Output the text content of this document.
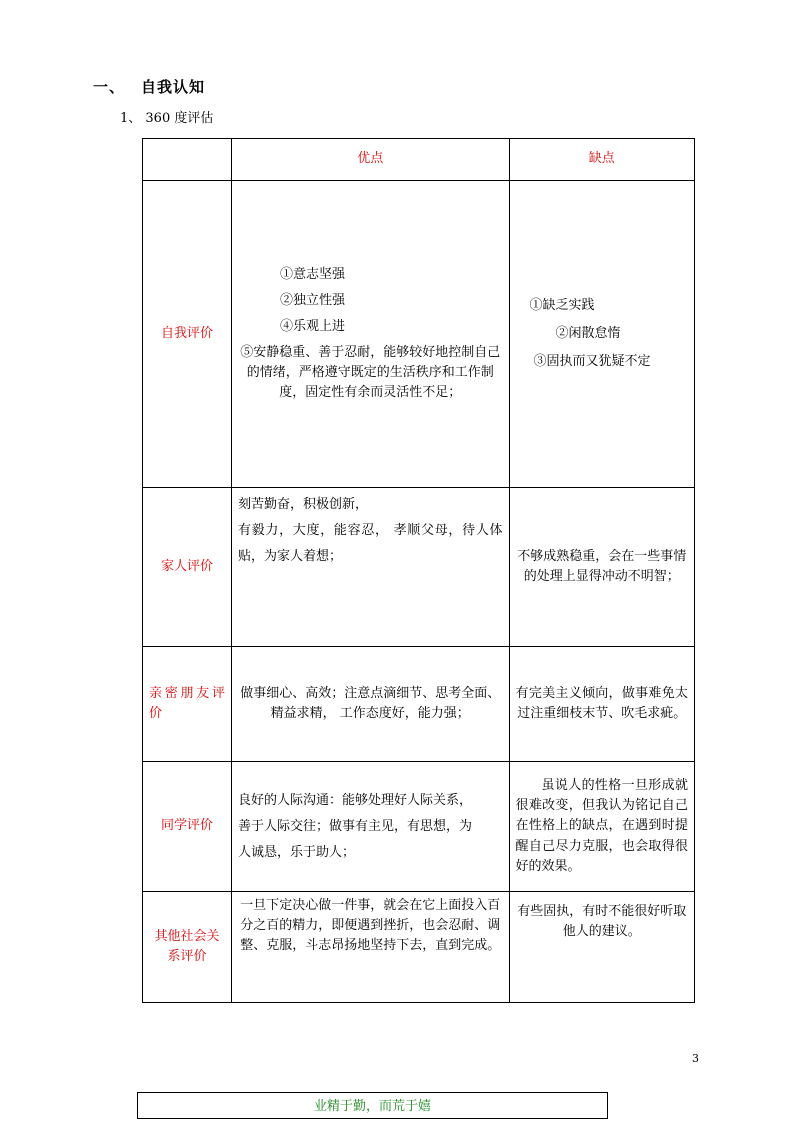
一、 自我认知
1、 360 度评估
	优点	缺点
自我评价	①意志坚强
②独立性强
④乐观上进
⑤安静稳重、善于忍耐，能够较好地控制自己的情绪，严格遵守既定的生活秩序和工作制度，固定性有余而灵活性不足；	①缺乏实践
②闲散怠惰
③固执而又犹疑不定

家人评价	刻苦勤奋，积极创新，
有毅力，大度，能容忍， 孝顺父母，待人体贴，为家人着想；	不够成熟稳重，会在一些事情的处理上显得冲动不明智；
亲密朋友评价	做事细心、高效；注意点滴细节、思考全面、精益求精， 工作态度好，能力强；	有完美主义倾向，做事难免太过注重细枝末节、吹毛求疵。
同学评价	良好的人际沟通：能够处理好人际关系，
善于人际交往；做事有主见，有思想，为
人诚恳，乐于助人；	虽说人的性格一旦形成就很难改变，但我认为铭记自己在性格上的缺点，在遇到时提醒自己尽力克服，也会取得很好的效果。
其他社会关系评价	一旦下定决心做一件事，就会在它上面投入百分之百的精力，即便遇到挫折，也会忍耐、调整、克服，斗志昂扬地坚持下去，直到完成。	有些固执，有时不能很好听取他人的建议。
3
业精于勤，而荒于嬉
